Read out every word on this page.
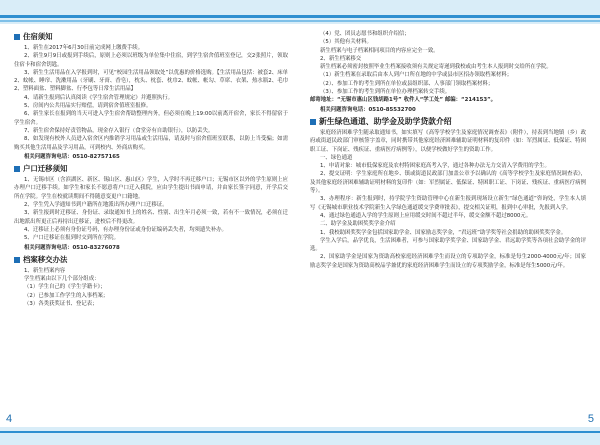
住宿须知

1、新生在2017年6月30日前完成网上缴费手续。

2、新生9月9日或报到手续后，原则上必须以班级为单位集中住宿，到学生宿舍值班室登记，交2张照片，领取住宿卡和宿舍钥匙。

3、新生生活用品在入学报到时，可见“校园生活用品领取处”以优惠的价格选购。【生活用品包括：被套2、床单2、蚊帐、睡帘、洗漱用品（牙刷、牙膏、香皂），枕头、枕套、枕巾2、蚊帐、帐勾、草席、衣架、热水瓶2、毛巾2、塑料面盆、塑料脚盆、行李包等日常生活用品】

4、请新生报到后认真阅读《学生宿舍管理规定》并遵照执行。

5、房间内公共用品实行赔偿，请到宿舍值班室报修。

6、新生家长在报到的当天可进入学生宿舍帮助整理内务，但必须在晚上19:00以前离开宿舍，家长不得留宿于学生宿舍。

7、新生宿舍保持好责管物品，现金存入银行（食堂旁有自助银行），以防丢失。

8、如发现有校外人员进入宿舍区内推销学习用品或生活用品，请及时与宿舍值班室联系，以防上当受骗；如需购买其他生活用品及学习用品，可到校内、外商店购买。

相关问题咨询电话：0510-82757165

户口迁移须知

1、无锡市区（含滨湖区、新区、锡山区、惠山区）学生，入学时不再迁移户口；无锡市区以外的学生原则上应办理户口迁移手续。如学生和家长不愿意将户口迁入我院，应由学生提出书面申请，并由家长签字同意，开学后交所在学院。学生在校就读期间不得随意变更户口籍地。

2、学生凭入学通知书到户籍所在地派出所办理户口迁移证。

3、新生报到时迁移证、身份证、录取通知书上的姓名、性别、出生年月必须一致，若有不一致情况，必须在迁出地派出所更正后再持出迁移证，进校后不得更改。

4、迁移证上必须有身份证号码，有办理身份证或身份证编码丢失者，均须遗失补办。

5、户口迁移证在报到时交到所在学院。

相关问题咨询电话：0510-83276078

档案移交办法

1、新生档案内容

学生档案由以下几个部分组成：

（1）学生自己的《学生学籍卡》；

（2）已参加工作学生的入事档案；

（3）各类获奖证书、登记表；

4

（4）党、团员志愿书和组织介绍信；

（5）其他有关材料。

新生档案与电子档案相同项目的内容应完全一致。

2、新生档案移交

新生档案必须密封按照毕业生档案接收须有关规定寄递到我校或由考生本人报到时交给所在学院。

（1）新生档案在录取后由本人到户口所在地的中学或县市区招办领取档案材料；

（2）、参加工作的考生到所在单位或县组织部、人事部门领取档案材料；

（3）、参加工作的考生到所在单位办理档案转交手续。

邮寄地址：“无锡市惠山区钱胡路1号” 收件人“学工处” 邮编：“214153”。

相关问题咨询电话：0510-85532700

新生绿色通道、助学金及助学贷款介绍

家庭经济困难学生随录取通知书，如实填写《高等学校学生及家庭情况调查表》（附件），持表到当地镇（乡）政府或街道民政部门审核签字盖章，同时携带其他家庭经济困难辅助证明材料的复印件（如：军烈属证、低保证、特困职工证、下岗证、残疾证、重病医疗病例等），以便学校做好学生的资助工作。

一、绿色通道

1、申请对象：城市低保家庭及农村特困家庭高考入学，通过各种办法无力交清入学费用的学生。

2、提交证明：学生家庭所在地乡、镇或街道民政部门加盖公章予以确认的《高等学校学生及家庭情况调查表》，及其他家庭经济困难辅助证明材料的复印件（如：军烈属证、低保证、特困职工证、下岗证、残疾证、重病医疗病例等）。

3、办理程序：新生报到时，持学院学生资助管理中心在新生报到现场设立新生“绿色通道”咨询处，学生本人填写《无锡城市职业技术学院新生入学绿色通道缓交学费审批表》，提交相关证明，报到中心审批，先报到入学。

4、通过绿色通道入学的学生原则上应用缓交时间不超过半年，缓交金额不超过8000元。

二、助学金及助困奖奖学金介绍

1、我校助困奖奖学金包括国家助学金、国家励志奖学金，“君远班”助学奖等社会捐助的助困奖奖学金。

学生入学后，品学优良，生活困难者，可参与国家助学奖学金、国家助学金、君远助学奖等各项社会助学金的评选。

2、国家助学金是国家为资助高校家庭经济困难学生而设立的专项助学金，标准是每生2000-4000元/年；国家励志奖学金是国家为资助高校品学兼优的家庭经济困难学生而设立的专项奖励学金，标准是每生5000元/年。

5
